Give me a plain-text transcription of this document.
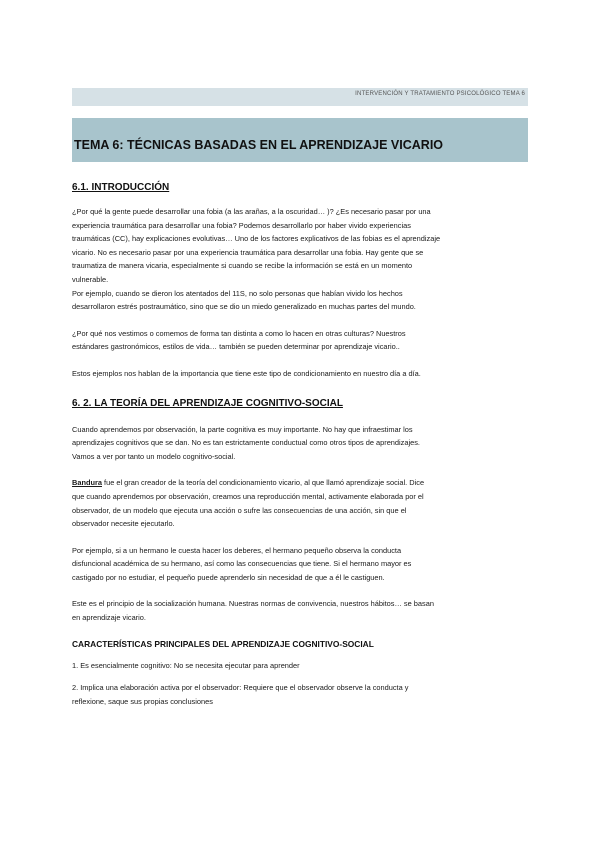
INTERVENCIÓN Y TRATAMIENTO PSICOLÓGICO TEMA 6
TEMA 6: TÉCNICAS BASADAS EN EL APRENDIZAJE VICARIO
6.1. INTRODUCCIÓN
¿Por qué la gente puede desarrollar una fobia (a las arañas, a la oscuridad… )? ¿Es necesario pasar por una
experiencia traumática para desarrollar una fobia? Podemos desarrollarlo por haber vivido experiencias
traumáticas (CC), hay explicaciones evolutivas… Uno de los factores explicativos de las fobias es el aprendizaje
vicario. No es necesario pasar por una experiencia traumática para desarrollar una fobia. Hay gente que se
traumatiza de manera vicaria, especialmente si cuando se recibe la información se está en un momento
vulnerable.
Por ejemplo, cuando se dieron los atentados del 11S, no solo personas que habían vivido los hechos
desarrollaron estrés postraumático, sino que se dio un miedo generalizado en muchas partes del mundo.
¿Por qué nos vestimos o comemos de forma tan distinta a como lo hacen en otras culturas? Nuestros
estándares gastronómicos, estilos de vida… también se pueden determinar por aprendizaje vicario..
Estos ejemplos nos hablan de la importancia que tiene este tipo de condicionamiento en nuestro día a día.
6. 2. LA TEORÍA DEL APRENDIZAJE COGNITIVO-SOCIAL
Cuando aprendemos por observación, la parte cognitiva es muy importante. No hay que infraestimar los
aprendizajes cognitivos que se dan. No es tan estrictamente conductual como otros tipos de aprendizajes.
Vamos a ver por tanto un modelo cognitivo-social.
Bandura fue el gran creador de la teoría del condicionamiento vicario, al que llamó aprendizaje social. Dice
que cuando aprendemos por observación, creamos una reproducción mental, activamente elaborada por el
observador, de un modelo que ejecuta una acción o sufre las consecuencias de una acción, sin que el
observador necesite ejecutarlo.
Por ejemplo, si a un hermano le cuesta hacer los deberes, el hermano pequeño observa la conducta
disfuncional académica de su hermano, así como las consecuencias que tiene. Si el hermano mayor es
castigado por no estudiar, el pequeño puede aprenderlo sin necesidad de que a él le castiguen.
Este es el principio de la socialización humana. Nuestras normas de convivencia, nuestros hábitos… se basan
en aprendizaje vicario.
CARACTERÍSTICAS PRINCIPALES DEL APRENDIZAJE COGNITIVO-SOCIAL
1. Es esencialmente cognitivo: No se necesita ejecutar para aprender
2. Implica una elaboración activa por el observador: Requiere que el observador observe la conducta y
reflexione, saque sus propias conclusiones
